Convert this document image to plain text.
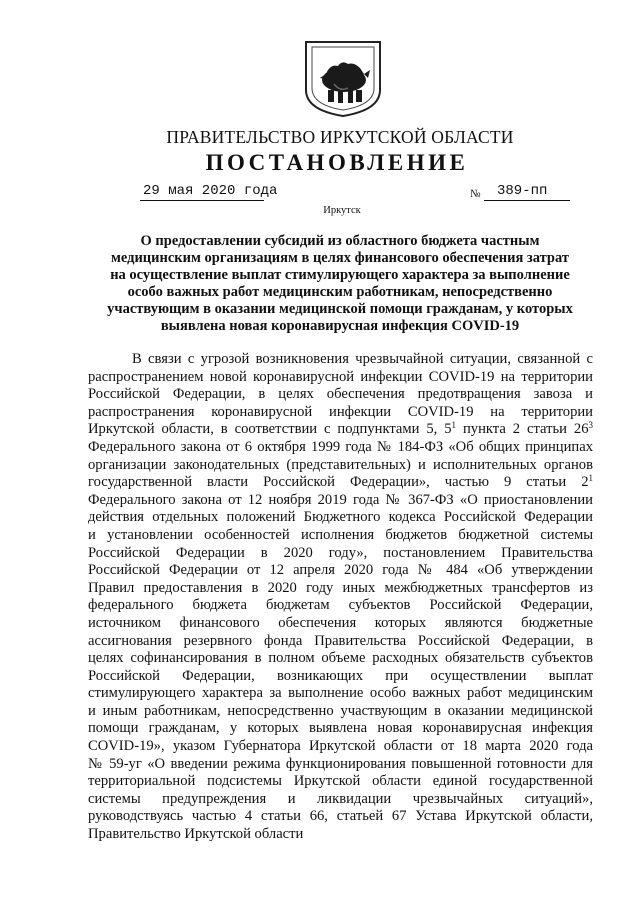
ПРАВИТЕЛЬСТВО ИРКУТСКОЙ ОБЛАСТИ
ПОСТАНОВЛЕНИЕ
29 мая 2020 года	№ 389-пп
Иркутск
О предоставлении субсидий из областного бюджета частным
медицинским организациям в целях финансового обеспечения затрат
на осуществление выплат стимулирующего характера за выполнение
особо важных работ медицинским работникам, непосредственно
участвующим в оказании медицинской помощи гражданам, у которых
выявлена новая коронавирусная инфекция COVID-19
В связи с угрозой возникновения чрезвычайной ситуации, связанной с
распространением новой коронавирусной инфекции COVID-19 на территории
Российской Федерации, в целях обеспечения предотвращения завоза и
распространения коронавирусной инфекции COVID-19 на территории
Иркутской области, в соответствии с подпунктами 5, $5^1$ пункта 2 статьи $26^3$
Федерального закона от 6 октября 1999 года № 184-ФЗ «Об общих принципах
организации законодательных (представительных) и исполнительных органов
государственной власти Российской Федерации», частью 9 статьи $2^1$
Федерального закона от 12 ноября 2019 года № 367-ФЗ «О приостановлении
действия отдельных положений Бюджетного кодекса Российской Федерации
и установлении особенностей исполнения бюджетов бюджетной системы
Российской Федерации в 2020 году», постановлением Правительства
Российской Федерации от 12 апреля 2020 года № 484 «Об утверждении
Правил предоставления в 2020 году иных межбюджетных трансфертов из
федерального бюджета бюджетам субъектов Российской Федерации,
источником финансового обеспечения которых являются бюджетные
ассигнования резервного фонда Правительства Российской Федерации, в
целях софинансирования в полном объеме расходных обязательств субъектов
Российской Федерации, возникающих при осуществлении выплат
стимулирующего характера за выполнение особо важных работ медицинским
и иным работникам, непосредственно участвующим в оказании медицинской
помощи гражданам, у которых выявлена новая коронавирусная инфекция
COVID-19», указом Губернатора Иркутской области от 18 марта 2020 года
№ 59-уг «О введении режима функционирования повышенной готовности для
территориальной подсистемы Иркутской области единой государственной
системы предупреждения и ликвидации чрезвычайных ситуаций»,
руководствуясь частью 4 статьи 66, статьей 67 Устава Иркутской области,
Правительство Иркутской области
